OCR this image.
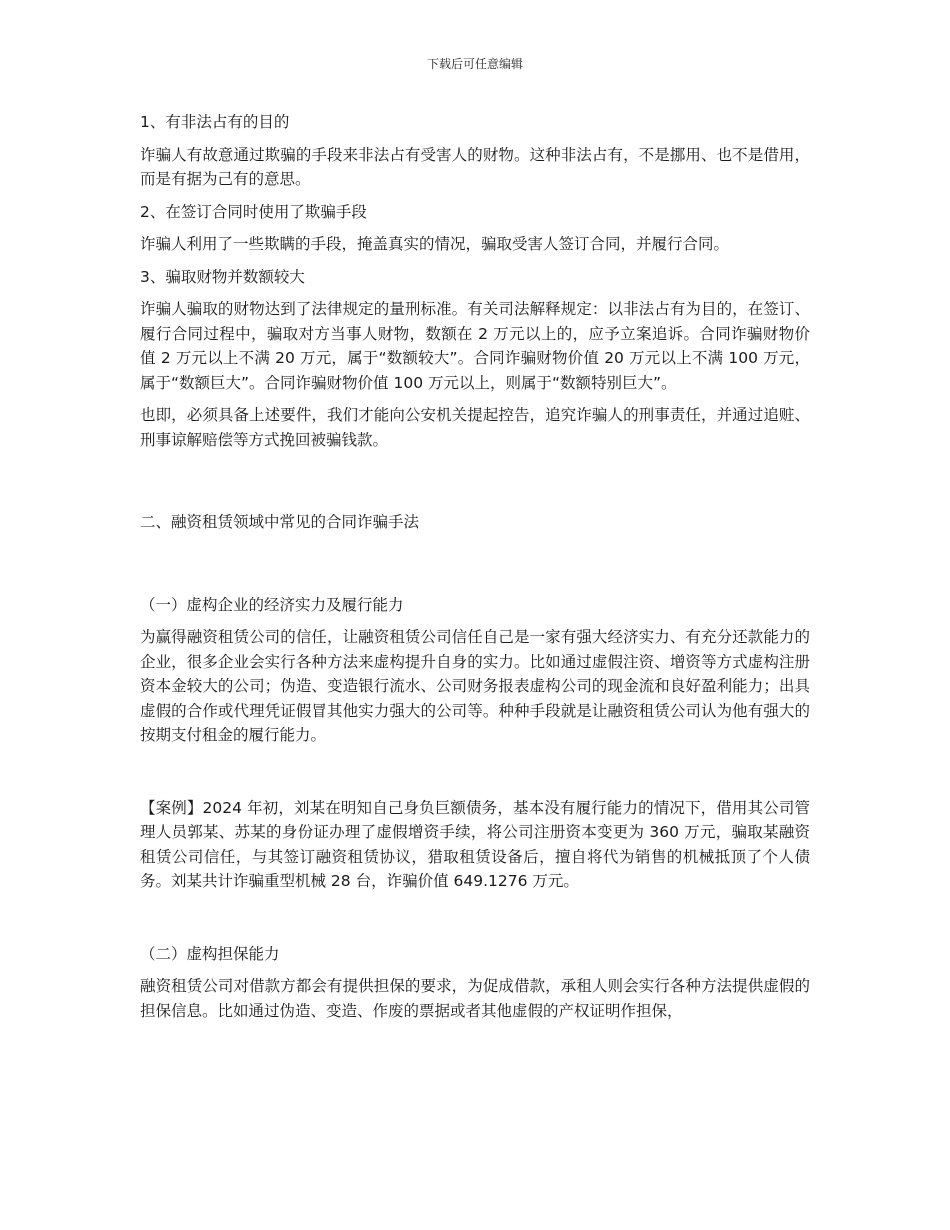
下载后可任意编辑
1、有非法占有的目的
诈骗人有故意通过欺骗的手段来非法占有受害人的财物。这种非法占有，不是挪用、也不是借用，而是有据为己有的意思。
2、在签订合同时使用了欺骗手段
诈骗人利用了一些欺瞒的手段，掩盖真实的情况，骗取受害人签订合同，并履行合同。
3、骗取财物并数额较大
诈骗人骗取的财物达到了法律规定的量刑标准。有关司法解释规定：以非法占有为目的，在签订、履行合同过程中，骗取对方当事人财物，数额在 2 万元以上的，应予立案追诉。合同诈骗财物价值 2 万元以上不满 20 万元，属于“数额较大”。合同诈骗财物价值 20 万元以上不满 100 万元，属于“数额巨大”。合同诈骗财物价值 100 万元以上，则属于“数额特别巨大”。
也即，必须具备上述要件，我们才能向公安机关提起控告，追究诈骗人的刑事责任，并通过追赃、刑事谅解赔偿等方式挽回被骗钱款。
二、融资租赁领域中常见的合同诈骗手法
（一）虚构企业的经济实力及履行能力
为赢得融资租赁公司的信任，让融资租赁公司信任自己是一家有强大经济实力、有充分还款能力的企业，很多企业会实行各种方法来虚构提升自身的实力。比如通过虚假注资、增资等方式虚构注册资本金较大的公司；伪造、变造银行流水、公司财务报表虚构公司的现金流和良好盈利能力；出具虚假的合作或代理凭证假冒其他实力强大的公司等。种种手段就是让融资租赁公司认为他有强大的按期支付租金的履行能力。
【案例】2024 年初，刘某在明知自己身负巨额债务，基本没有履行能力的情况下，借用其公司管理人员郭某、苏某的身份证办理了虚假增资手续，将公司注册资本变更为 360 万元，骗取某融资租赁公司信任，与其签订融资租赁协议，猎取租赁设备后，擅自将代为销售的机械抵顶了个人债务。刘某共计诈骗重型机械 28 台，诈骗价值 649.1276 万元。
（二）虚构担保能力
融资租赁公司对借款方都会有提供担保的要求，为促成借款，承租人则会实行各种方法提供虚假的担保信息。比如通过伪造、变造、作废的票据或者其他虚假的产权证明作担保，
